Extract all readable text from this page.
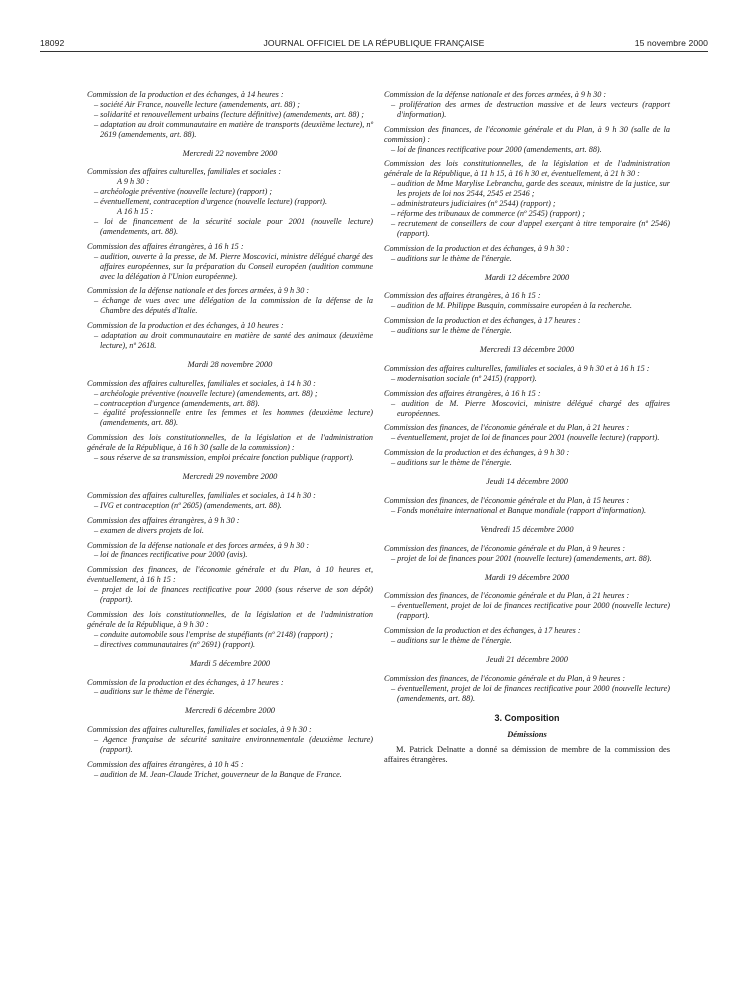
18092	JOURNAL OFFICIEL DE LA RÉPUBLIQUE FRANÇAISE	15 novembre 2000
Commission de la production et des échanges, à 14 heures :
– société Air France, nouvelle lecture (amendements, art. 88) ;
– solidarité et renouvellement urbains (lecture définitive) (amendements, art. 88) ;
– adaptation au droit communautaire en matière de transports (deuxième lecture), nº 2619 (amendements, art. 88).
Mercredi 22 novembre 2000
Commission des affaires culturelles, familiales et sociales :
A 9 h 30 :
– archéologie préventive (nouvelle lecture) (rapport) ;
– éventuellement, contraception d'urgence (nouvelle lecture) (rapport).
A 16 h 15 :
– loi de financement de la sécurité sociale pour 2001 (nouvelle lecture) (amendements, art. 88).
Commission des affaires étrangères, à 16 h 15 :
– audition, ouverte à la presse, de M. Pierre Moscovici, ministre délégué chargé des affaires européennes, sur la préparation du Conseil européen (audition commune avec la délégation à l'Union européenne).
Commission de la défense nationale et des forces armées, à 9 h 30 :
– échange de vues avec une délégation de la commission de la défense de la Chambre des députés d'Italie.
Commission de la production et des échanges, à 10 heures :
– adaptation au droit communautaire en matière de santé des animaux (deuxième lecture), nº 2618.
Mardi 28 novembre 2000
Commission des affaires culturelles, familiales et sociales, à 14 h 30 :
– archéologie préventive (nouvelle lecture) (amendements, art. 88) ;
– contraception d'urgence (amendements, art. 88).
– égalité professionnelle entre les femmes et les hommes (deuxième lecture) (amendements, art. 88).
Commission des lois constitutionnelles, de la législation et de l'administration générale de la République, à 16 h 30 (salle de la commission) :
– sous réserve de sa transmission, emploi précaire fonction publique (rapport).
Mercredi 29 novembre 2000
Commission des affaires culturelles, familiales et sociales, à 14 h 30 :
– IVG et contraception (nº 2605) (amendements, art. 88).
Commission des affaires étrangères, à 9 h 30 :
– examen de divers projets de loi.
Commission de la défense nationale et des forces armées, à 9 h 30 :
– loi de finances rectificative pour 2000 (avis).
Commission des finances, de l'économie générale et du Plan, à 10 heures et, éventuellement, à 16 h 15 :
– projet de loi de finances rectificative pour 2000 (sous réserve de son dépôt) (rapport).
Commission des lois constitutionnelles, de la législation et de l'administration générale de la République, à 9 h 30 :
– conduite automobile sous l'emprise de stupéfiants (nº 2148) (rapport) ;
– directives communautaires (nº 2691) (rapport).
Mardi 5 décembre 2000
Commission de la production et des échanges, à 17 heures :
– auditions sur le thème de l'énergie.
Mercredi 6 décembre 2000
Commission des affaires culturelles, familiales et sociales, à 9 h 30 :
– Agence française de sécurité sanitaire environnementale (deuxième lecture) (rapport).
Commission des affaires étrangères, à 10 h 45 :
– audition de M. Jean-Claude Trichet, gouverneur de la Banque de France.
Commission de la défense nationale et des forces armées, à 9 h 30 :
– prolifération des armes de destruction massive et de leurs vecteurs (rapport d'information).
Commission des finances, de l'économie générale et du Plan, à 9 h 30 (salle de la commission) :
– loi de finances rectificative pour 2000 (amendements, art. 88).
Commission des lois constitutionnelles, de la législation et de l'administration générale de la République, à 11 h 15, à 16 h 30 et, éventuellement, à 21 h 30 :
– audition de Mme Marylise Lebranchu, garde des sceaux, ministre de la justice, sur les projets de loi nos 2544, 2545 et 2546 ;
– administrateurs judiciaires (nº 2544) (rapport) ;
– réforme des tribunaux de commerce (nº 2545) (rapport) ;
– recrutement de conseillers de cour d'appel exerçant à titre temporaire (nº 2546) (rapport).
Commission de la production et des échanges, à 9 h 30 :
– auditions sur le thème de l'énergie.
Mardi 12 décembre 2000
Commission des affaires étrangères, à 16 h 15 :
– audition de M. Philippe Busquin, commissaire européen à la recherche.
Commission de la production et des échanges, à 17 heures :
– auditions sur le thème de l'énergie.
Mercredi 13 décembre 2000
Commission des affaires culturelles, familiales et sociales, à 9 h 30 et à 16 h 15 :
– modernisation sociale (nº 2415) (rapport).
Commission des affaires étrangères, à 16 h 15 :
– audition de M. Pierre Moscovici, ministre délégué chargé des affaires européennes.
Commission des finances, de l'économie générale et du Plan, à 21 heures :
– éventuellement, projet de loi de finances pour 2001 (nouvelle lecture) (rapport).
Commission de la production et des échanges, à 9 h 30 :
– auditions sur le thème de l'énergie.
Jeudi 14 décembre 2000
Commission des finances, de l'économie générale et du Plan, à 15 heures :
– Fonds monétaire international et Banque mondiale (rapport d'information).
Vendredi 15 décembre 2000
Commission des finances, de l'économie générale et du Plan, à 9 heures :
– projet de loi de finances pour 2001 (nouvelle lecture) (amendements, art. 88).
Mardi 19 décembre 2000
Commission des finances, de l'économie générale et du Plan, à 21 heures :
– éventuellement, projet de loi de finances rectificative pour 2000 (nouvelle lecture) (rapport).
Commission de la production et des échanges, à 17 heures :
– auditions sur le thème de l'énergie.
Jeudi 21 décembre 2000
Commission des finances, de l'économie générale et du Plan, à 9 heures :
– éventuellement, projet de loi de finances rectificative pour 2000 (nouvelle lecture) (amendements, art. 88).
3. Composition
Démissions
M. Patrick Delnatte a donné sa démission de membre de la commission des affaires étrangères.
